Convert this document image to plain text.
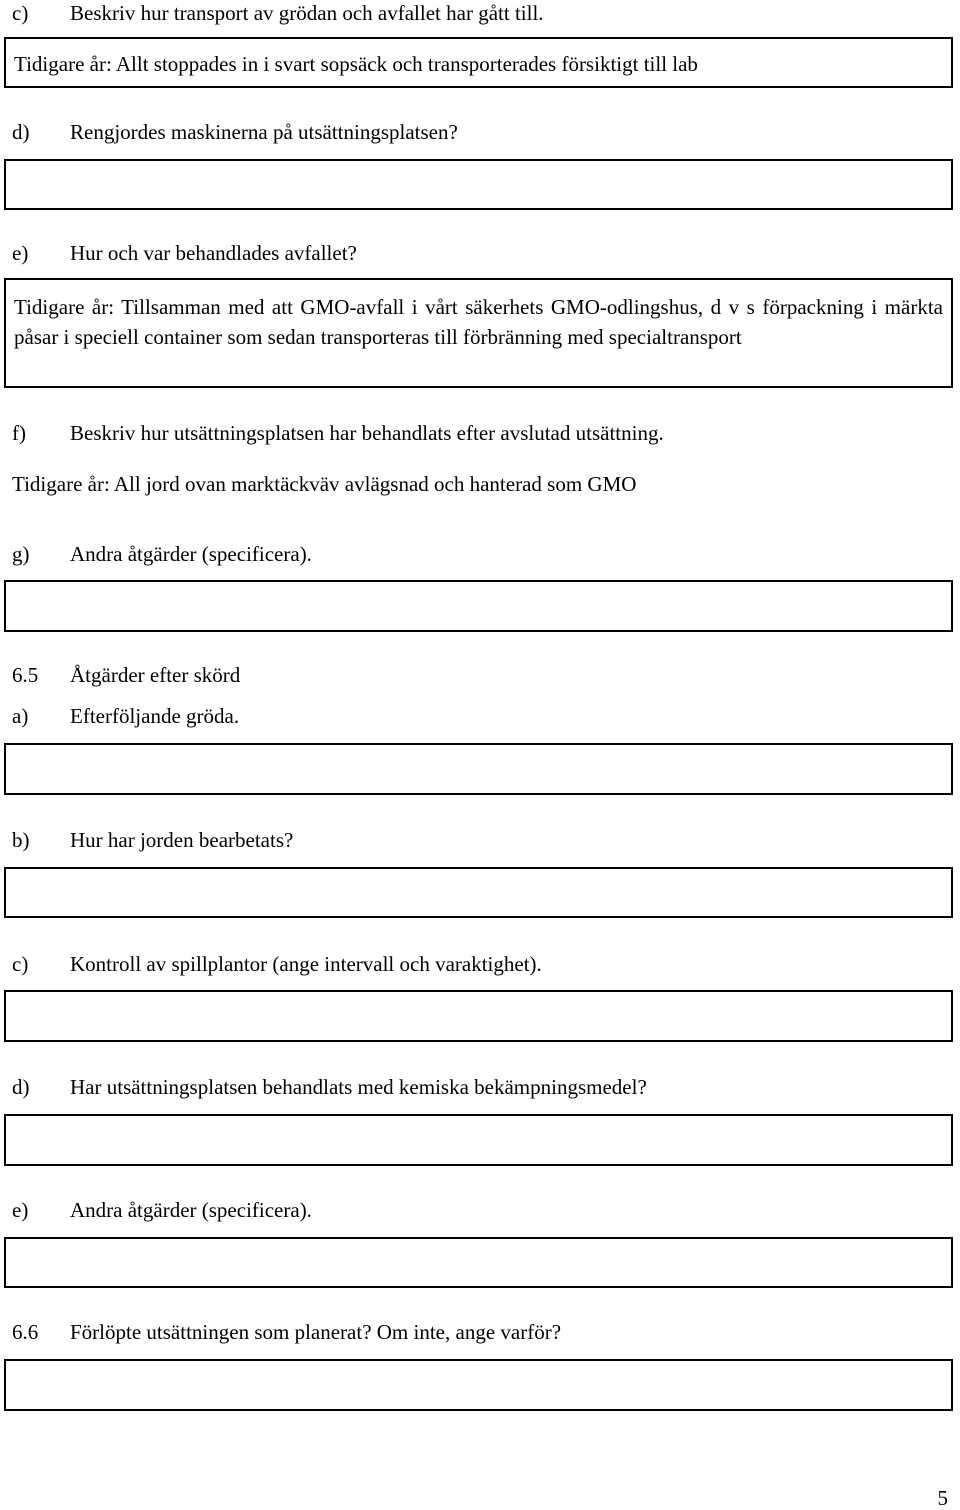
c) Beskriv hur transport av grödan och avfallet har gått till.
Tidigare år: Allt stoppades in i svart sopsäck och transporterades försiktigt till lab
d) Rengjordes maskinerna på utsättningsplatsen?
e) Hur och var behandlades avfallet?
Tidigare år: Tillsamman med att GMO-avfall i vårt säkerhets GMO-odlingshus, d v s förpackning i märkta påsar i speciell container som sedan transporteras till förbränning med specialtransport
f) Beskriv hur utsättningsplatsen har behandlats efter avslutad utsättning.
Tidigare år: All jord ovan marktäckväv avlägsnad och hanterad som GMO
g) Andra åtgärder (specificera).
6.5 Åtgärder efter skörd
a) Efterföljande gröda.
b) Hur har jorden bearbetats?
c) Kontroll av spillplantor (ange intervall och varaktighet).
d) Har utsättningsplatsen behandlats med kemiska bekämpningsmedel?
e) Andra åtgärder (specificera).
6.6 Förlöpte utsättningen som planerat? Om inte, ange varför?
5
